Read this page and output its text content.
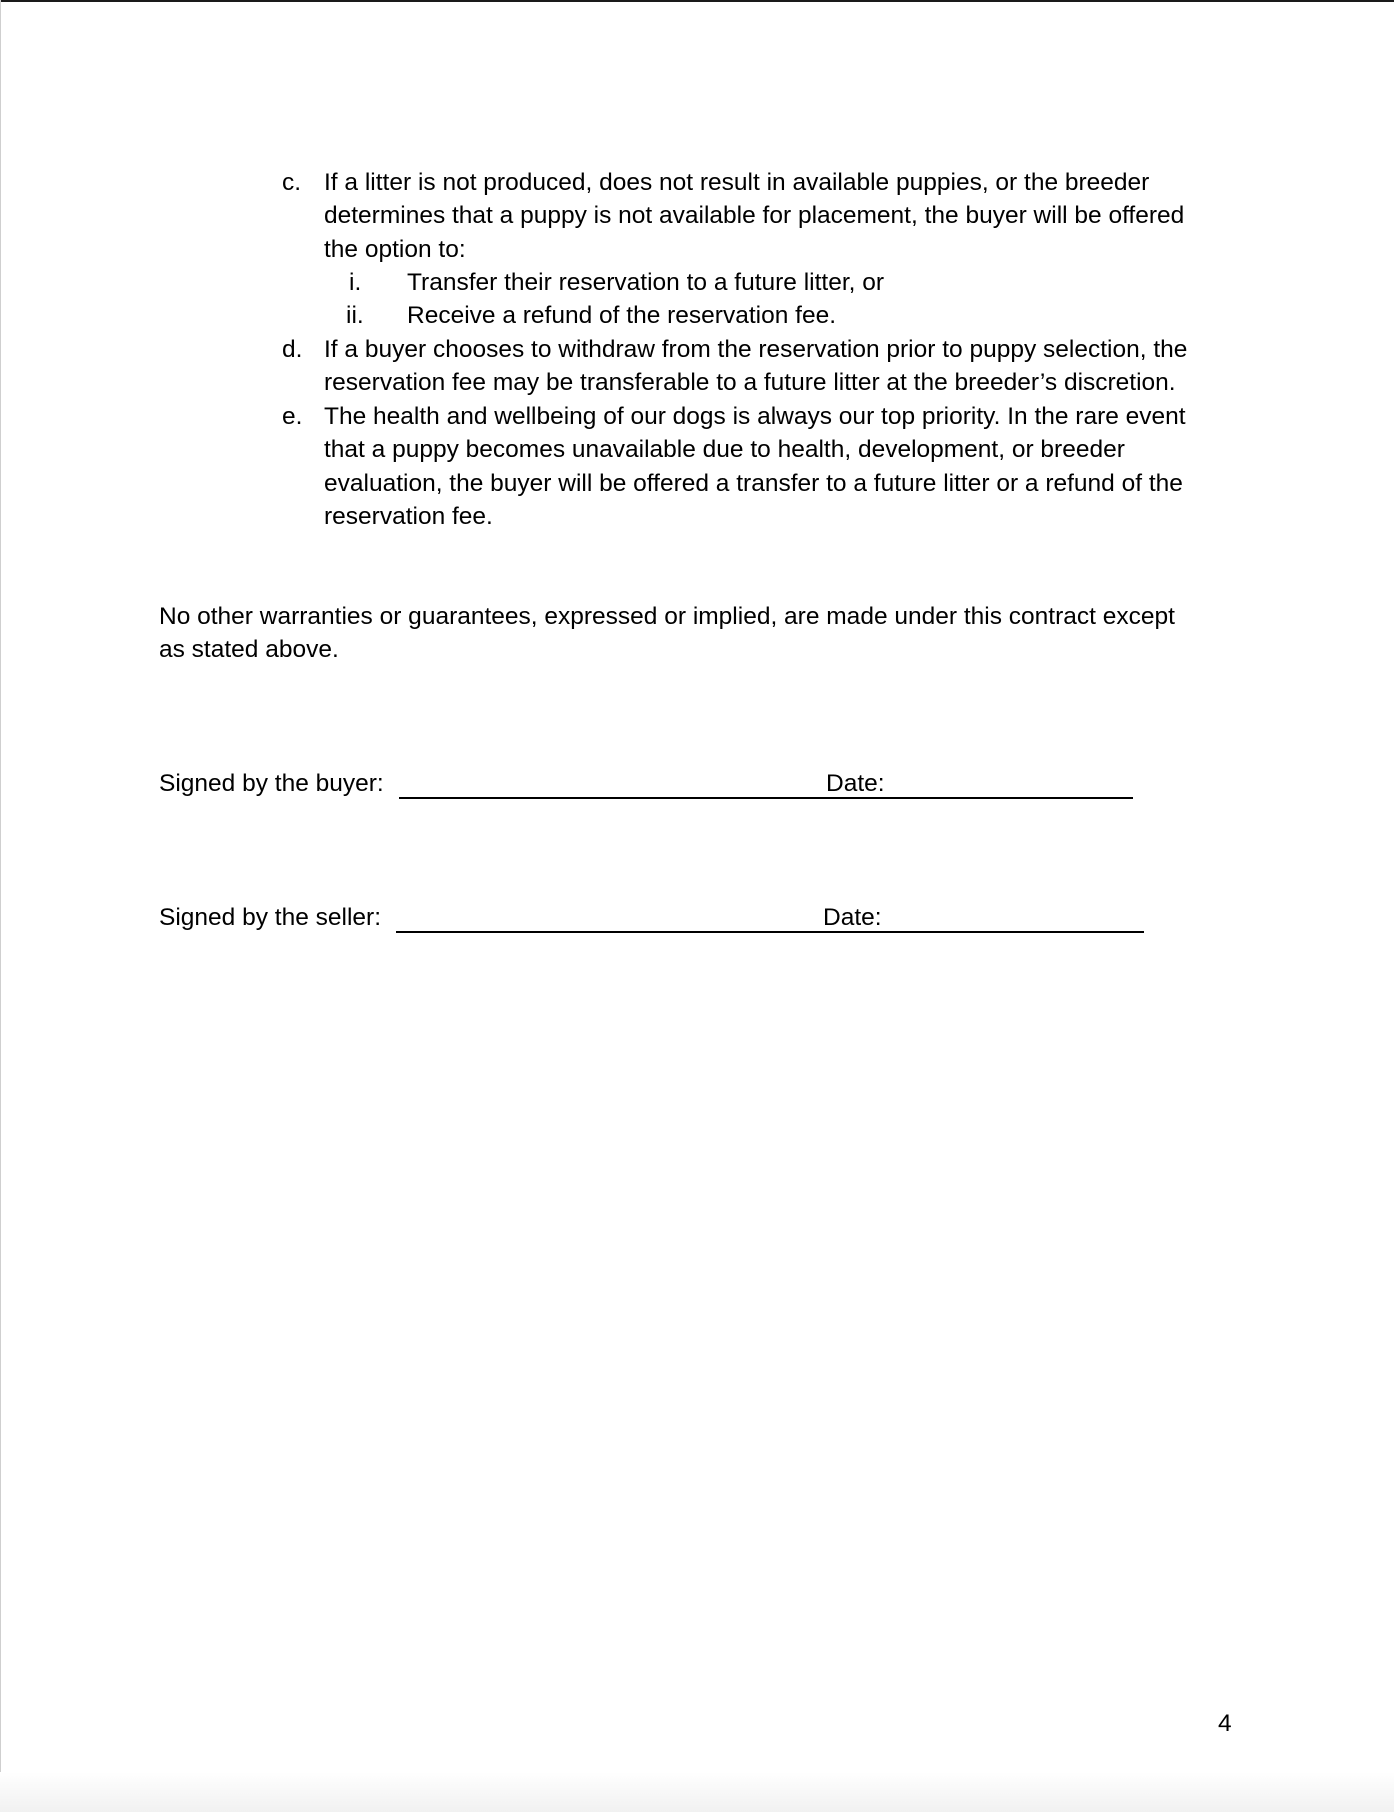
c. If a litter is not produced, does not result in available puppies, or the breeder
determines that a puppy is not available for placement, the buyer will be offered
the option to:
i. Transfer their reservation to a future litter, or
ii. Receive a refund of the reservation fee.
d. If a buyer chooses to withdraw from the reservation prior to puppy selection, the
reservation fee may be transferable to a future litter at the breeder’s discretion.
e. The health and wellbeing of our dogs is always our top priority. In the rare event
that a puppy becomes unavailable due to health, development, or breeder
evaluation, the buyer will be offered a transfer to a future litter or a refund of the
reservation fee.
No other warranties or guarantees, expressed or implied, are made under this contract except
as stated above.
Signed by the buyer:	Date:
Signed by the seller:	Date:
4
